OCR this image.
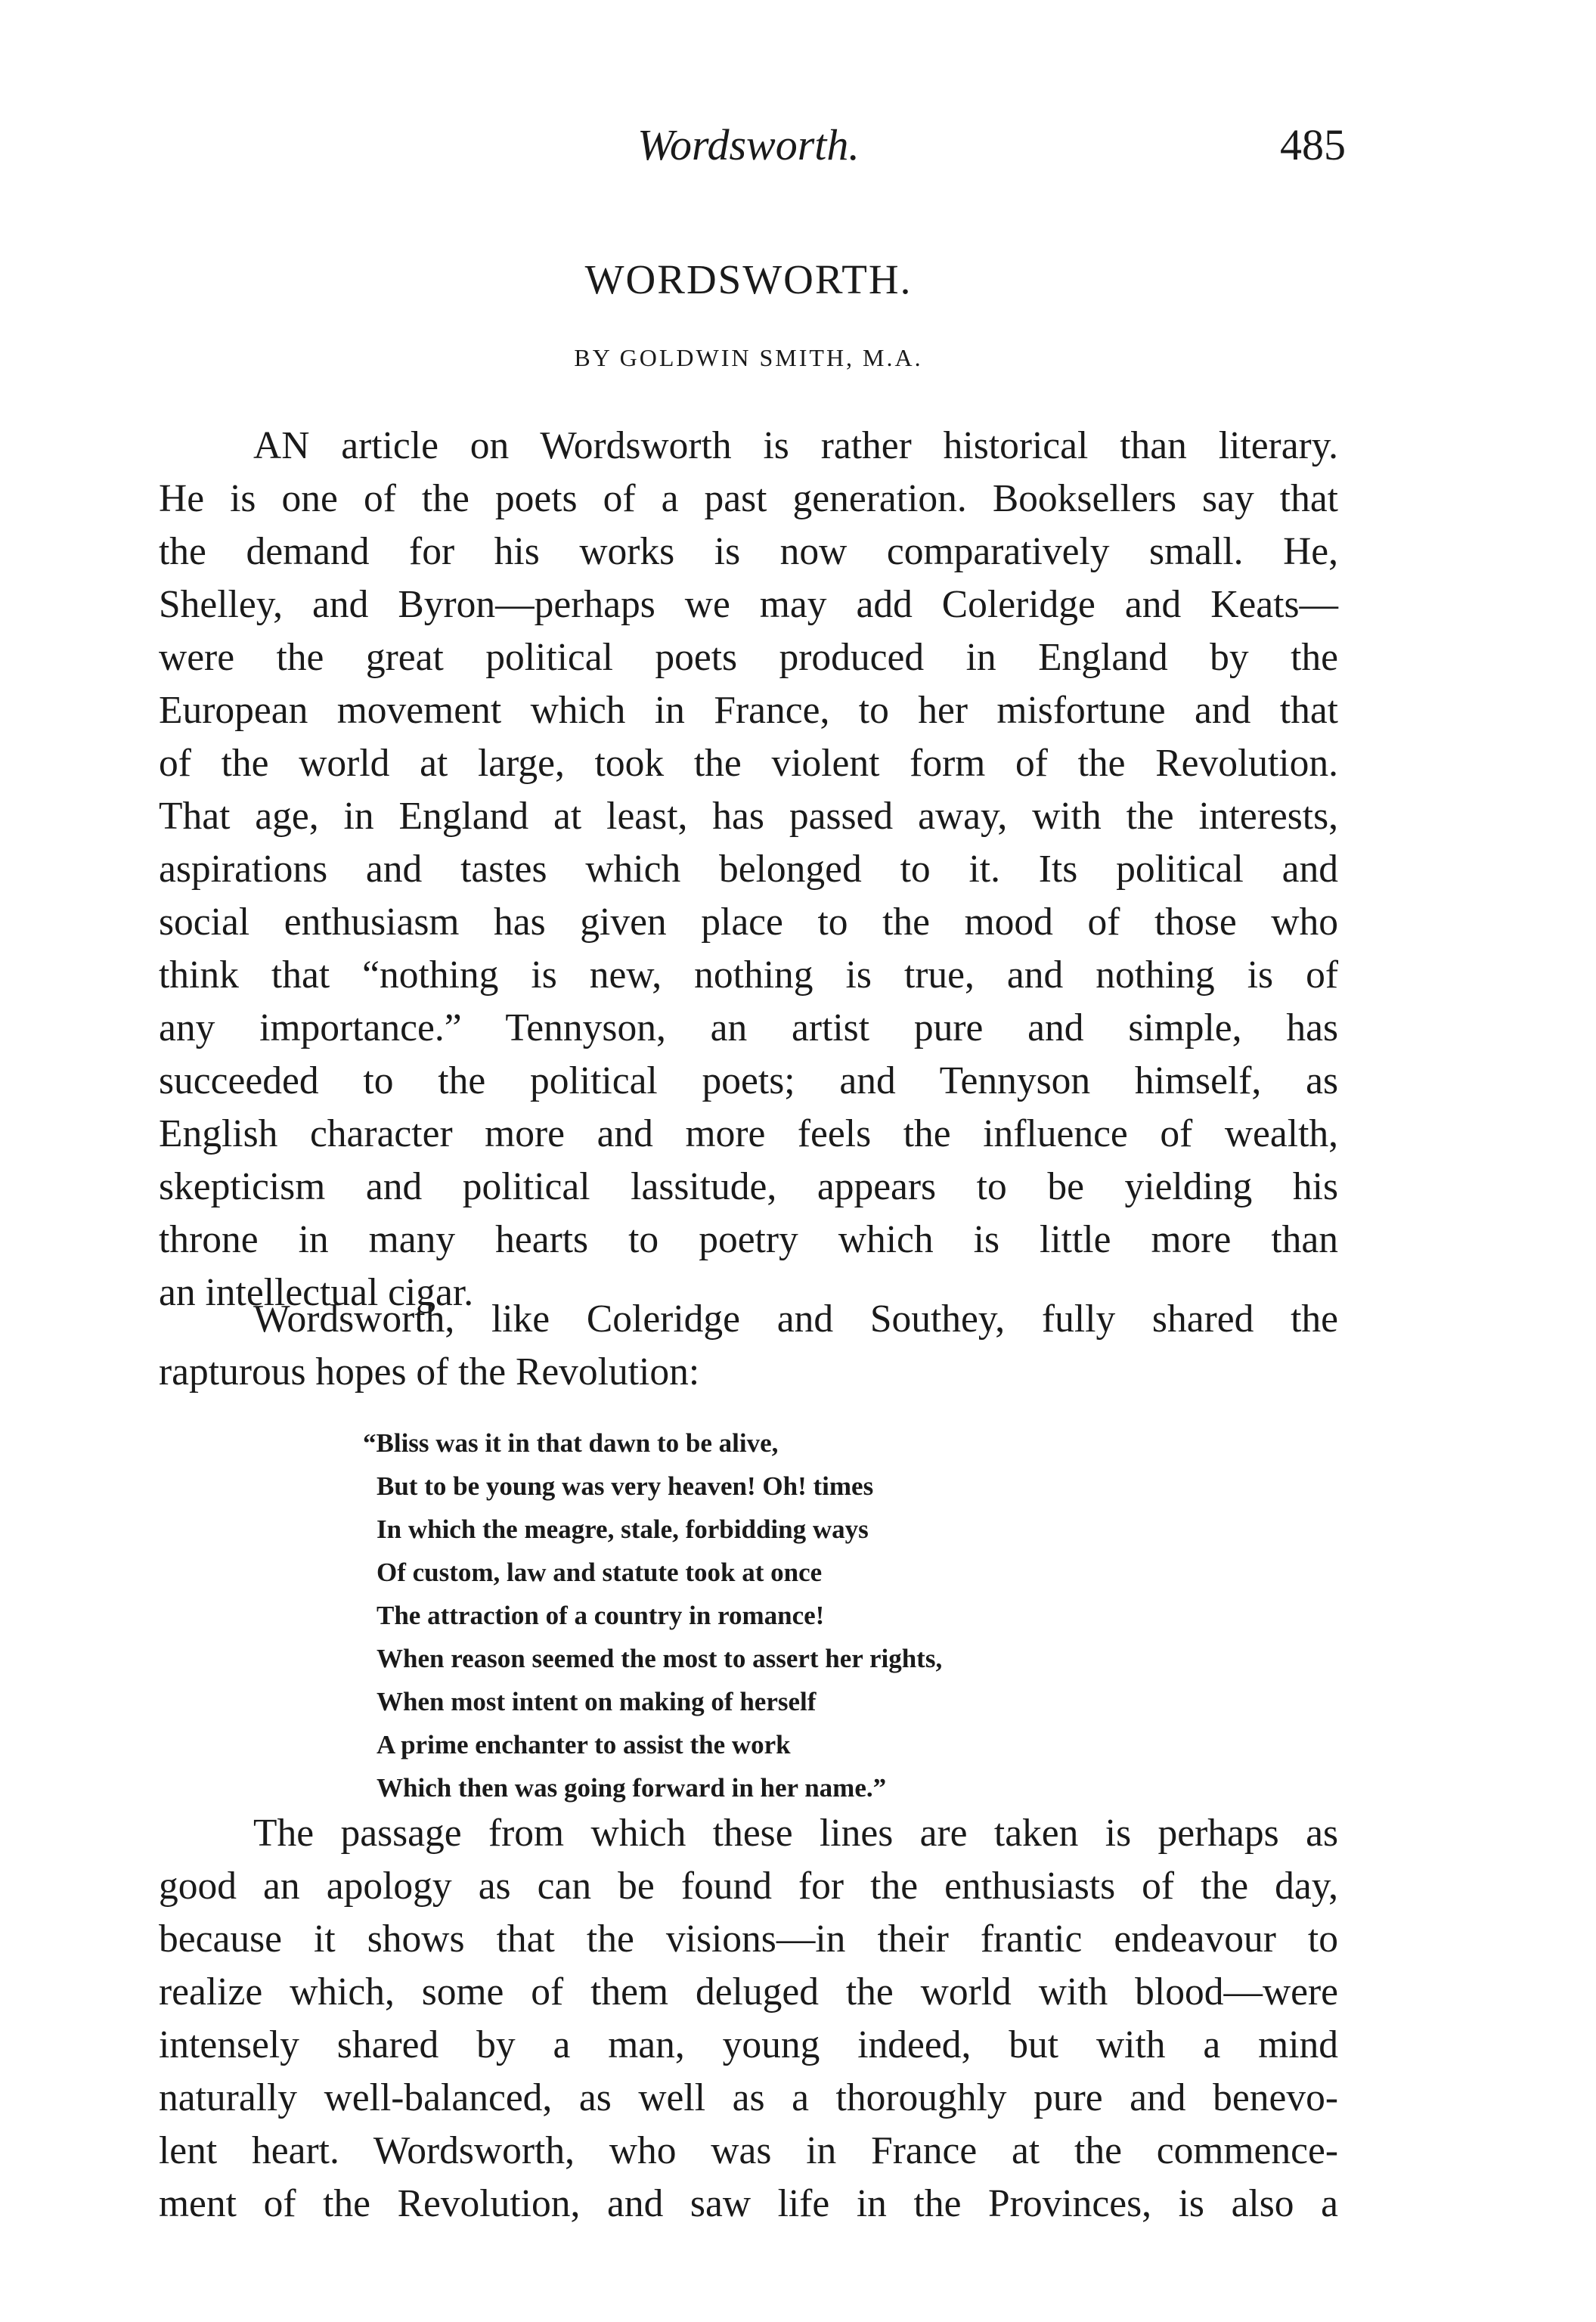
Wordsworth.	485
WORDSWORTH.
BY GOLDWIN SMITH, M.A.
AN article on Wordsworth is rather historical than literary.
He is one of the poets of a past generation. Booksellers say that
the demand for his works is now comparatively small. He,
Shelley, and Byron—perhaps we may add Coleridge and Keats—
were the great political poets produced in England by the
European movement which in France, to her misfortune and that
of the world at large, took the violent form of the Revolution.
That age, in England at least, has passed away, with the interests,
aspirations and tastes which belonged to it. Its political and
social enthusiasm has given place to the mood of those who
think that “nothing is new, nothing is true, and nothing is of
any importance.” Tennyson, an artist pure and simple, has
succeeded to the political poets; and Tennyson himself, as
English character more and more feels the influence of wealth,
skepticism and political lassitude, appears to be yielding his
throne in many hearts to poetry which is little more than
an intellectual cigar.
Wordsworth, like Coleridge and Southey, fully shared the
rapturous hopes of the Revolution:
“Bliss was it in that dawn to be alive,
But to be young was very heaven! Oh! times
In which the meagre, stale, forbidding ways
Of custom, law and statute took at once
The attraction of a country in romance!
When reason seemed the most to assert her rights,
When most intent on making of herself
A prime enchanter to assist the work
Which then was going forward in her name.”
The passage from which these lines are taken is perhaps as
good an apology as can be found for the enthusiasts of the day,
because it shows that the visions—in their frantic endeavour to
realize which, some of them deluged the world with blood—were
intensely shared by a man, young indeed, but with a mind
naturally well-balanced, as well as a thoroughly pure and benevo-
lent heart. Wordsworth, who was in France at the commence-
ment of the Revolution, and saw life in the Provinces, is also a
